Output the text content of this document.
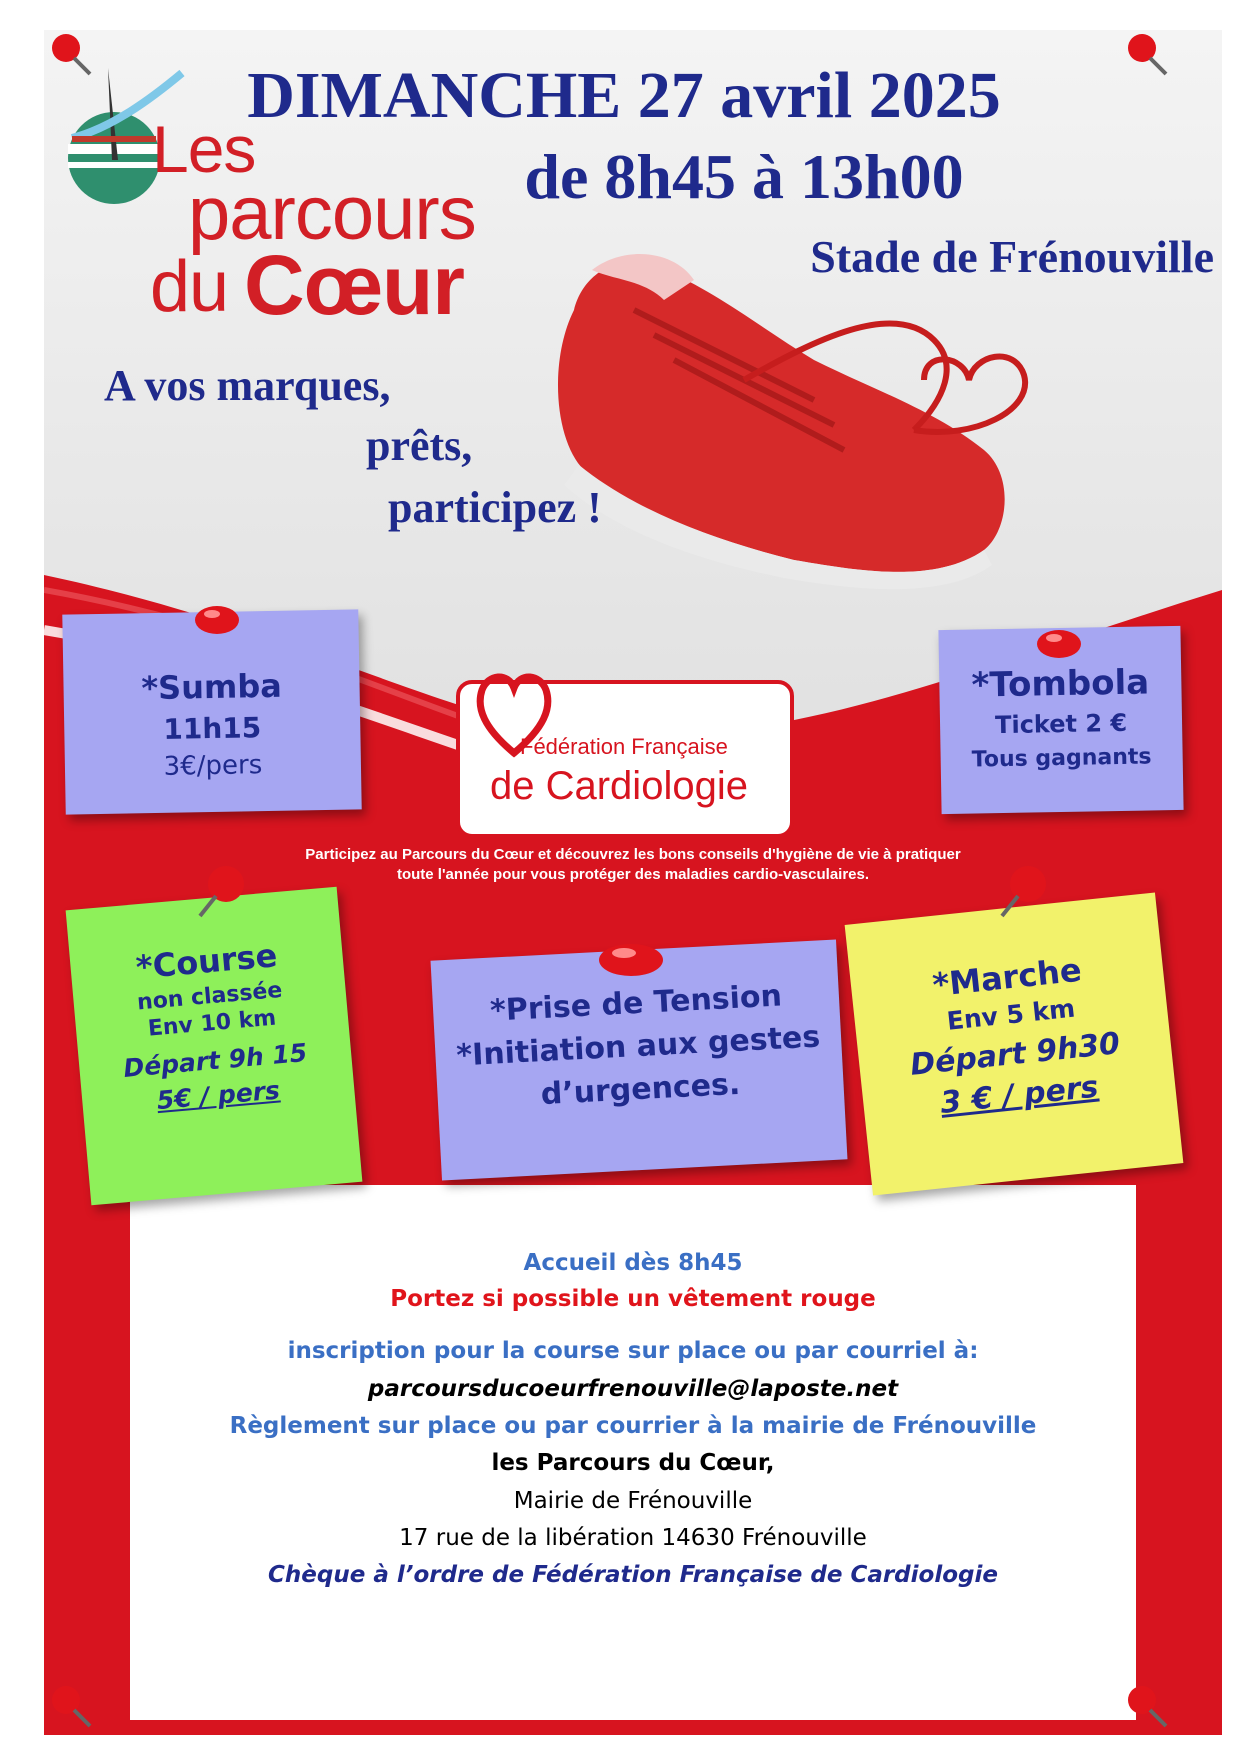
Les
parcours
du Cœur
DIMANCHE 27 avril 2025
de 8h45 à 13h00
Stade de Frénouville
A vos marques,
prêts,
participez !
Fédération Française
de Cardiologie
Participez au Parcours du Cœur et découvrez les bons conseils d'hygiène de vie à pratiquer
toute l'année pour vous protéger des maladies cardio-vasculaires.
*Sumba
11h15
3€/pers
*Tombola
Ticket 2 €
Tous gagnants
*Course
non classée
Env 10 km
Départ 9h 15
5€ / pers
*Prise de Tension
*Initiation aux gestes
d’urgences.
*Marche
Env 5 km
Départ 9h30
3 € / pers
Accueil dès 8h45
Portez si possible un vêtement rouge
inscription pour la course sur place ou par courriel à:
parcoursducoeurfrenouville@laposte.net
Règlement sur place ou par courrier à la mairie de Frénouville
les Parcours du Cœur,
Mairie de Frénouville
17 rue de la libération 14630 Frénouville
Chèque à l’ordre de Fédération Française de Cardiologie
